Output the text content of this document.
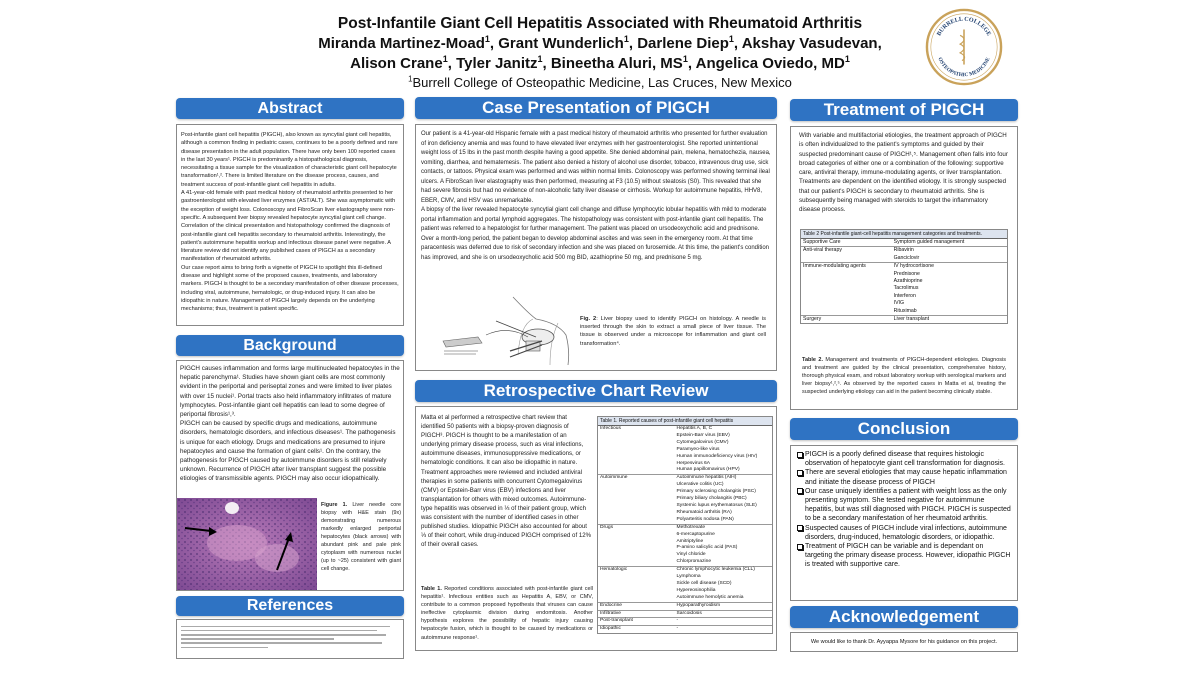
Post-Infantile Giant Cell Hepatitis Associated with Rheumatoid Arthritis
Miranda Martinez-Moad$^1$, Grant Wunderlich$^1$, Darlene Diep$^1$, Akshay Vasudevan,
Alison Crane$^1$, Tyler Janitz$^1$, Bineetha Aluri, $MS^1$, Angelica Oviedo, $MD^1$
$^1$Burrell College of Osteopathic Medicine, Las Cruces, New Mexico
BURRELL COLLEGE
OSTEOPATHIC MEDICINE
Abstract

Post-infantile giant cell hepatitis (PIGCH), also known as syncytial giant cell hepatitis, although a common finding in pediatric cases, continues to be a poorly defined and rare disease presentation in the adult population. There have only been 100 reported cases in the last 30 years¹. PIGCH is predominantly a histopathological diagnosis, necessitating a tissue sample for the visualization of characteristic giant cell hepatocyte transformation¹,². There is limited literature on the disease process, causes, and treatment success of post-infantile giant cell hepatitis in adults.

A 41-year-old female with past medical history of rheumatoid arthritis presented to her gastroenterologist with elevated liver enzymes (AST/ALT). She was asymptomatic with the exception of weight loss. Colonoscopy and FibroScan liver elastography were non-specific. A subsequent liver biopsy revealed hepatocyte syncytial giant cell change. Correlation of the clinical presentation and histopathology confirmed the diagnosis of post-infantile giant cell hepatitis secondary to rheumatoid arthritis. Interestingly, the patient's autoimmune hepatitis workup and infectious disease panel were negative. A literature review did not identify any published cases of PIGCH as a secondary manifestation of rheumatoid arthritis.

Our case report aims to bring forth a vignette of PIGCH to spotlight this ill-defined disease and highlight some of the proposed causes, treatments, and laboratory markers. PIGCH is thought to be a secondary manifestation of other disease processes, including viral, autoimmune, hematologic, or drug-induced injury. It can also be idiopathic in nature. Management of PIGCH largely depends on the underlying mechanisms; thus, treatment is patient specific.

Background

PIGCH causes inflammation and forms large multinucleated hepatocytes in the hepatic parenchyma¹. Studies have shown giant cells are most commonly evident in the periportal and periseptal zones and were limited to liver plates with over 15 nuclei¹. Portal tracts also held inflammatory infiltrates of mature lymphocytes. Post-infantile giant cell hepatitis can lead to some degree of periportal fibrosis¹,³.

PIGCH can be caused by specific drugs and medications, autoimmune disorders, hematologic disorders, and infectious diseases¹. The pathogenesis is unique for each etiology. Drugs and medications are presumed to injure hepatocytes and cause the formation of giant cells¹. On the contrary, the pathogenesis for PIGCH caused by autoimmune disorders is still relatively unknown. Recurrence of PIGCH after liver transplant suggest the possible etiologies of transmissible agents. PIGCH may also occur idiopathically.

Figure 1. Liver needle core biopsy with H&E stain (9x) demonstrating numerous markedly enlarged periportal hepatocytes (black arrows) with abundant pink and pale pink cytoplasm with numerous nuclei (up to ~25) consistent with giant cell change.
References
Case Presentation of PIGCH

Our patient is a 41-year-old Hispanic female with a past medical history of rheumatoid arthritis who presented for further evaluation of iron deficiency anemia and was found to have elevated liver enzymes with her gastroenterologist. She reported unintentional weight loss of 15 lbs in the past month despite having a good appetite. She denied abdominal pain, melena, hematochezia, nausea, vomiting, diarrhea, and hematemesis. The patient also denied a history of alcohol use disorder, tobacco, intravenous drug use, sick contacts, or tattoos. Physical exam was performed and was within normal limits. Colonoscopy was performed showing terminal ileal ulcers. A FibroScan liver elastography was then performed, measuring at F3 (10.5) without steatosis (S0). This revealed that she had severe fibrosis but had no evidence of non-alcoholic fatty liver disease or cirrhosis. Workup for autoimmune hepatitis, HHV8, EBER, CMV, and HSV was unremarkable.

A biopsy of the liver revealed hepatocyte syncytial giant cell change and diffuse lymphocytic lobular hepatitis with mild to moderate portal inflammation and portal lymphoid aggregates. The histopathology was consistent with post-infantile giant cell hepatitis. The patient was referred to a hepatologist for further management. The patient was placed on ursodeoxycholic acid and prednisone. Over a month-long period, the patient began to develop abdominal ascites and was seen in the emergency room. At that time paracentesis was deferred due to risk of secondary infection and she was placed on furosemide. At this time, the patient's condition has improved, and she is on ursodeoxycholic acid 500 mg BID, azathioprine 50 mg, and prednisone 5 mg.

Fig. 2: Liver biopsy used to identify PIGCH on histology. A needle is inserted through the skin to extract a small piece of liver tissue. The tissue is observed under a microscope for inflammation and giant cell transformation⁴.
Retrospective Chart Review

Matta et al performed a retrospective chart review that identified 50 patients with a biopsy-proven diagnosis of PIGCH³. PIGCH is thought to be a manifestation of an underlying primary disease process, such as viral infections, autoimmune diseases, immunosuppressive medications, or hematologic conditions. It can also be idiopathic in nature. Treatment approaches were reviewed and included antiviral therapies in some patients with concurrent Cytomegalovirus (CMV) or Epstein-Barr virus (EBV) infections and liver transplantation for others with mixed outcomes. Autoimmune-type hepatitis was observed in ⅓ of their patient group, which was consistent with the number of identified cases in other published studies. Idiopathic PIGCH also accounted for about ⅓ of their cohort, while drug-induced PIGCH comprised of 12% of their overall cases.

Table 1. Reported conditions associated with post-infantile giant cell hepatitis¹. Infectious entities such as Hepatitis A, EBV, or CMV, contribute to a common proposed hypothesis that viruses can cause ineffective cytoplasmic division during endomitosis. Another hypothesis explores the possibility of hepatic injury causing hepatocyte fusion, which is thought to be caused by medications or autoimmune response¹.
Table 1. Reported causes of post-infantile giant cell hepatitis
Infectious	Hepatitis A, B, C
	Epstein-Barr virus (EBV)
	Cytomegalovirus (CMV)
	Paramyeo-like virus
	Human immunodeficiency virus (HIV)
	Herpesvirus 6A
	Human papillomavirus (HPV)
Autoimmune	Autoimmune hepatitis (AIH)
	Ulcerative colitis (UC)
	Primary sclerosing cholangitis (PSC)
	Primary biliary cholangitis (PBC)
	Systemic lupus erythematosus (SLE)
	Rheumatoid arthritis (RA)
	Polyarteritis nodosa (PAN)
Drugs	Methotrexate
	6-mercaptopurine
	Amitriptyline
	P-amino salicylic acid (PAS)
	Vinyl chloride
	Chlorpromazine
Hematologic	Chronic lymphocytic leukemia (CLL)
	Lymphoma
	Sickle cell disease (SCD)
	Hypereosinophilia
	Autoimmune hemolytic anemia
Endocrine	Hypoparathyroidism
Infiltrative	Sarcoidosis
Post-transplant	-
Idiopathic	-
Treatment of PIGCH

With variable and multifactorial etiologies, the treatment approach of PIGCH is often individualized to the patient's symptoms and guided by their suspected predominant cause of PIGCH¹,⁵. Management often falls into four broad categories of either one or a combination of the following: supportive care, antiviral therapy, immune-modulating agents, or liver transplantation. Treatments are dependent on the identified etiology. It is strongly suspected that our patient's PIGCH is secondary to rheumatoid arthritis. She is subsequently being managed with steroids to target the inflammatory disease process.

Table 2 Post-infantile giant-cell hepatitis management categories and treatments.
Supportive Care	Symptom guided management
Anti-viral therapy	Ribavirin
	Ganciclovir
Immune-modulating agents	IV hydrocortisone
	Prednisone
	Azathioprine
	Tacrolimus
	Interferon
	IVIG
	Rituximab
Surgery	Liver transplant
Table 2. Management and treatments of PIGCH-dependent etiologies. Diagnosis and treatment are guided by the clinical presentation, comprehensive history, thorough physical exam, and robust laboratory workup with serological markers and liver biopsy¹,²,⁵. As observed by the reported cases in Matta et al, treating the suspected underlying etiology can aid in the patient becoming clinically stable.
Conclusion
PIGCH is a poorly defined disease that requires histologic observation of hepatocyte giant cell transformation for diagnosis.
There are several etiologies that may cause hepatic inflammation and initiate the disease process of PIGCH
Our case uniquely identifies a patient with weight loss as the only presenting symptom. She tested negative for autoimmune hepatitis, but was still diagnosed with PIGCH. PIGCH is suspected to be a secondary manifestation of her rheumatoid arthritis.
Suspected causes of PIGCH include viral infections, autoimmune disorders, drug-induced, hematologic disorders, or idiopathic.
Treatment of PIGCH can be variable and is dependant on targeting the primary disease process. However, idiopathic PIGCH is treated with supportive care.
Acknowledgement
We would like to thank Dr. Ayyappa Mysore for his guidance on this project.
